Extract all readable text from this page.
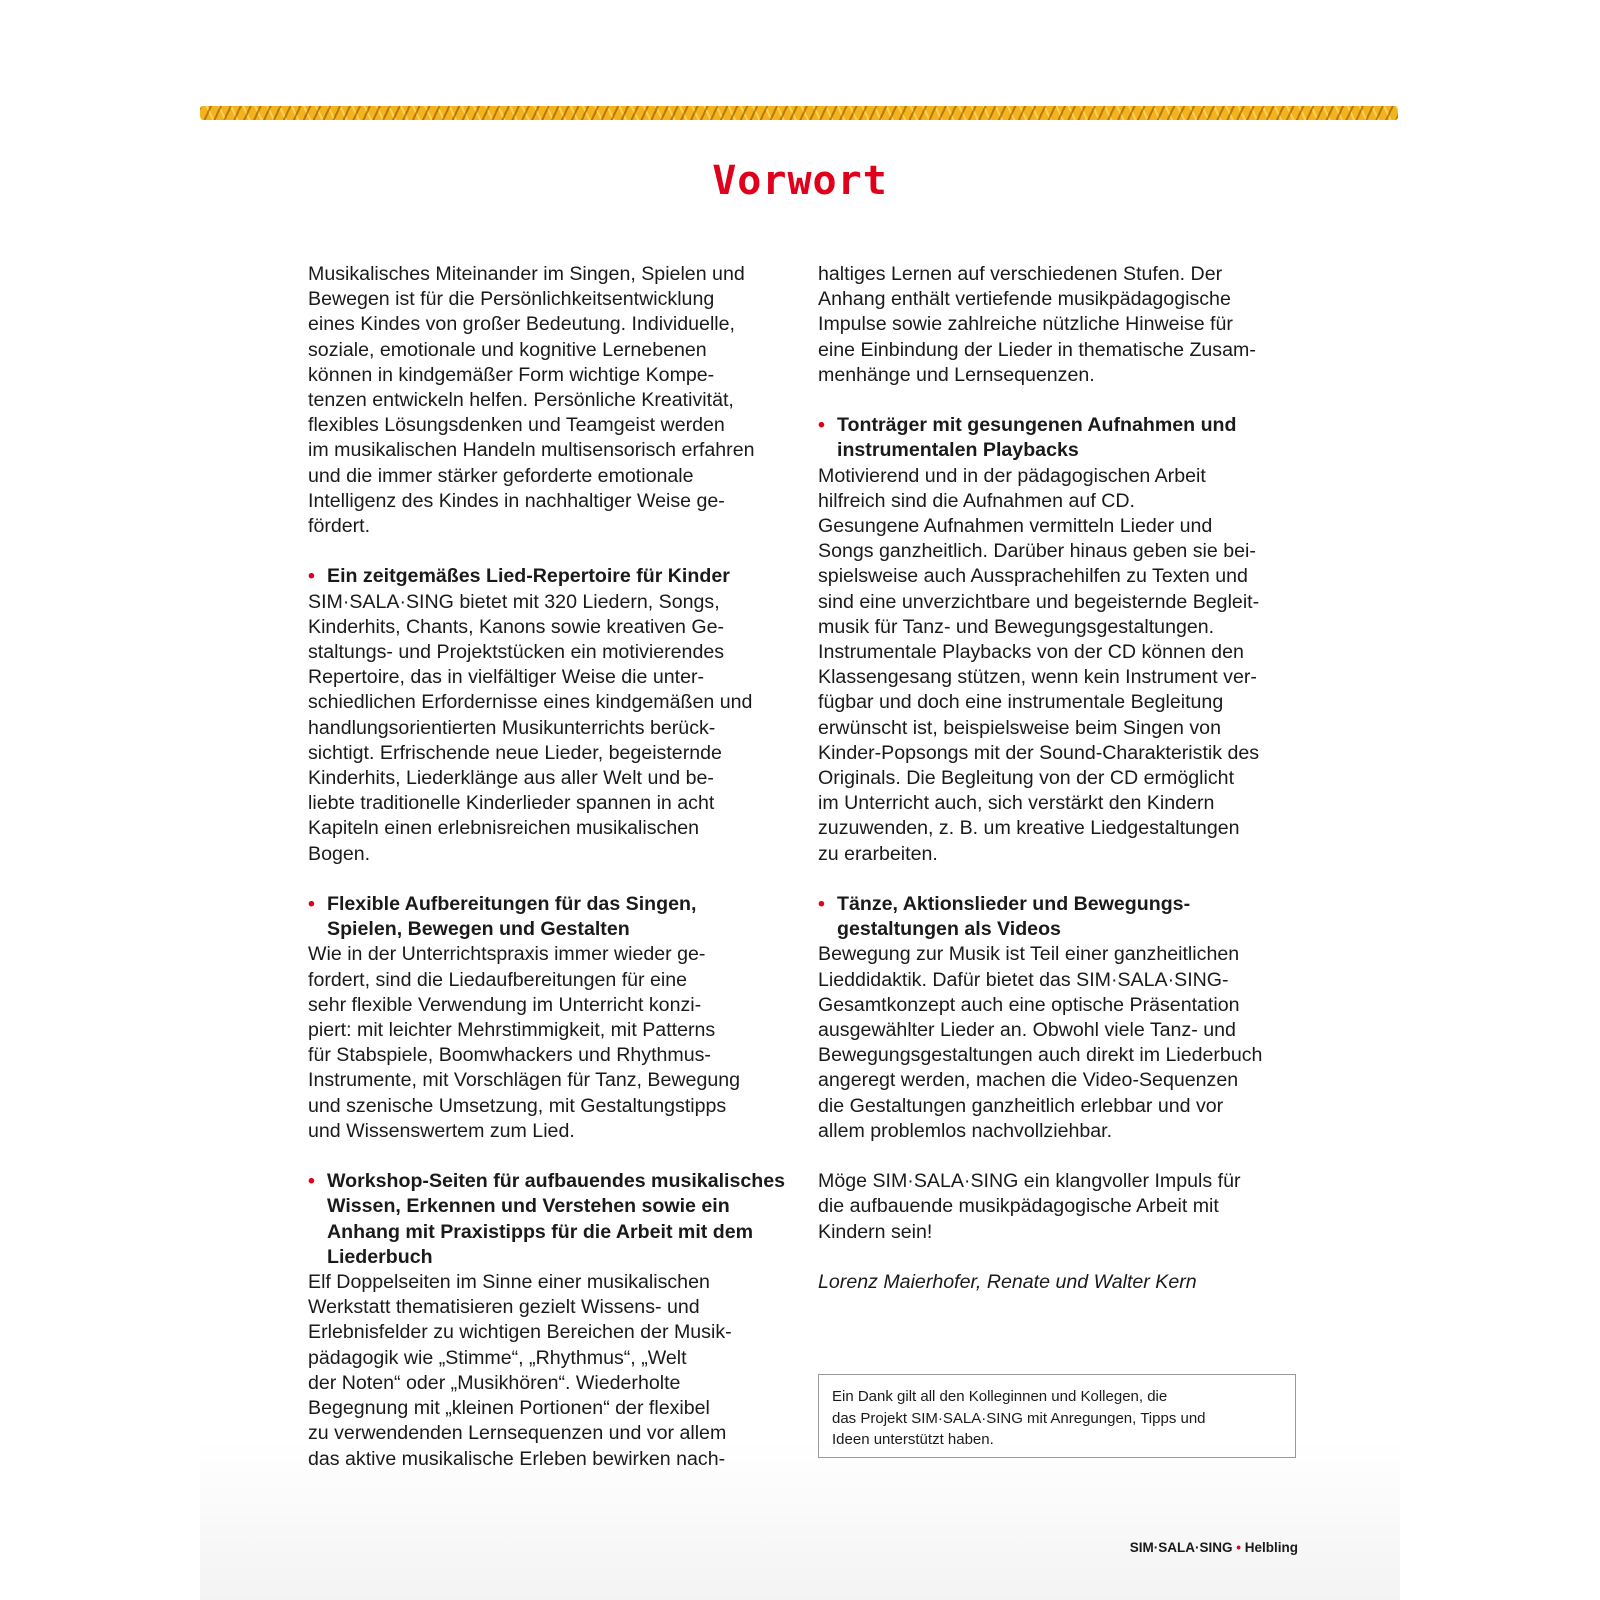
Vorwort

Musikalisches Miteinander im Singen, Spielen und

Bewegen ist für die Persönlichkeitsentwicklung

eines Kindes von großer Bedeutung. Individuelle,

soziale, emotionale und kognitive Lernebenen

können in kindgemäßer Form wichtige Kompe-

tenzen entwickeln helfen. Persönliche Kreativität,

flexibles Lösungsdenken und Teamgeist werden

im musikalischen Handeln multisensorisch erfahren

und die immer stärker geforderte emotionale

Intelligenz des Kindes in nachhaltiger Weise ge-

fördert.

• Ein zeitgemäßes Lied-Repertoire für Kinder

SIM·SALA·SING bietet mit 320 Liedern, Songs,

Kinderhits, Chants, Kanons sowie kreativen Ge-

staltungs- und Projektstücken ein motivierendes

Repertoire, das in vielfältiger Weise die unter-

schiedlichen Erfordernisse eines kindgemäßen und

handlungsorientierten Musikunterrichts berück-

sichtigt. Erfrischende neue Lieder, begeisternde

Kinderhits, Liederklänge aus aller Welt und be-

liebte traditionelle Kinderlieder spannen in acht

Kapiteln einen erlebnisreichen musikalischen

Bogen.

• Flexible Aufbereitungen für das Singen,

Spielen, Bewegen und Gestalten

Wie in der Unterrichtspraxis immer wieder ge-

fordert, sind die Liedaufbereitungen für eine

sehr flexible Verwendung im Unterricht konzi-

piert: mit leichter Mehrstimmigkeit, mit Patterns

für Stabspiele, Boomwhackers und Rhythmus-

Instrumente, mit Vorschlägen für Tanz, Bewegung

und szenische Umsetzung, mit Gestaltungstipps

und Wissenswertem zum Lied.

• Workshop-Seiten für aufbauendes musikalisches

Wissen, Erkennen und Verstehen sowie ein

Anhang mit Praxistipps für die Arbeit mit dem

Liederbuch

Elf Doppelseiten im Sinne einer musikalischen

Werkstatt thematisieren gezielt Wissens- und

Erlebnisfelder zu wichtigen Bereichen der Musik-

pädagogik wie „Stimme“, „Rhythmus“, „Welt

der Noten“ oder „Musikhören“. Wiederholte

Begegnung mit „kleinen Portionen“ der flexibel

zu verwendenden Lernsequenzen und vor allem

das aktive musikalische Erleben bewirken nach-

haltiges Lernen auf verschiedenen Stufen. Der

Anhang enthält vertiefende musikpädagogische

Impulse sowie zahlreiche nützliche Hinweise für

eine Einbindung der Lieder in thematische Zusam-

menhänge und Lernsequenzen.

• Tonträger mit gesungenen Aufnahmen und

instrumentalen Playbacks

Motivierend und in der pädagogischen Arbeit

hilfreich sind die Aufnahmen auf CD.

Gesungene Aufnahmen vermitteln Lieder und

Songs ganzheitlich. Darüber hinaus geben sie bei-

spielsweise auch Aussprachehilfen zu Texten und

sind eine unverzichtbare und begeisternde Begleit-

musik für Tanz- und Bewegungsgestaltungen.

Instrumentale Playbacks von der CD können den

Klassengesang stützen, wenn kein Instrument ver-

fügbar und doch eine instrumentale Begleitung

erwünscht ist, beispielsweise beim Singen von

Kinder-Popsongs mit der Sound-Charakteristik des

Originals. Die Begleitung von der CD ermöglicht

im Unterricht auch, sich verstärkt den Kindern

zuzuwenden, z. B. um kreative Liedgestaltungen

zu erarbeiten.

• Tänze, Aktionslieder und Bewegungs-

gestaltungen als Videos

Bewegung zur Musik ist Teil einer ganzheitlichen

Lieddidaktik. Dafür bietet das SIM·SALA·SING-

Gesamtkonzept auch eine optische Präsentation

ausgewählter Lieder an. Obwohl viele Tanz- und

Bewegungsgestaltungen auch direkt im Liederbuch

angeregt werden, machen die Video-Sequenzen

die Gestaltungen ganzheitlich erlebbar und vor

allem problemlos nachvollziehbar.

Möge SIM·SALA·SING ein klangvoller Impuls für

die aufbauende musikpädagogische Arbeit mit

Kindern sein!

Lorenz Maierhofer, Renate und Walter Kern

Ein Dank gilt all den Kolleginnen und Kollegen, die
das Projekt SIM·SALA·SING mit Anregungen, Tipps und
Ideen unterstützt haben.
SIM·SALA·SING • Helbling
